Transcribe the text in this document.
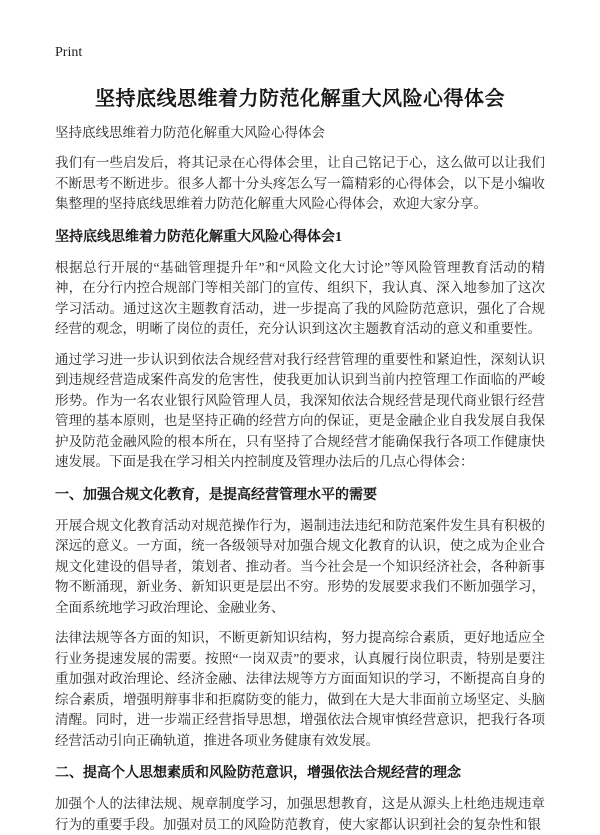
Print
坚持底线思维着力防范化解重大风险心得体会
坚持底线思维着力防范化解重大风险心得体会

我们有一些启发后，将其记录在心得体会里，让自己铭记于心，这么做可以让我们不断思考不断进步。很多人都十分头疼怎么写一篇精彩的心得体会，以下是小编收集整理的坚持底线思维着力防范化解重大风险心得体会，欢迎大家分享。

坚持底线思维着力防范化解重大风险心得体会1

根据总行开展的“基础管理提升年”和“风险文化大讨论”等风险管理教育活动的精神，在分行内控合规部门等相关部门的宣传、组织下，我认真、深入地参加了这次学习活动。通过这次主题教育活动，进一步提高了我的风险防范意识，强化了合规经营的观念，明晰了岗位的责任，充分认识到这次主题教育活动的意义和重要性。

通过学习进一步认识到依法合规经营对我行经营管理的重要性和紧迫性，深刻认识到违规经营造成案件高发的危害性，使我更加认识到当前内控管理工作面临的严峻形势。作为一名农业银行风险管理人员，我深知依法合规经营是现代商业银行经营管理的基本原则，也是坚持正确的经营方向的保证，更是金融企业自我发展自我保护及防范金融风险的根本所在，只有坚持了合规经营才能确保我行各项工作健康快速发展。下面是我在学习相关内控制度及管理办法后的几点心得体会：

一、加强合规文化教育，是提高经营管理水平的需要

开展合规文化教育活动对规范操作行为，遏制违法违纪和防范案件发生具有积极的深远的意义。一方面，统一各级领导对加强合规文化教育的认识，使之成为企业合规文化建设的倡导者，策划者、推动者。当今社会是一个知识经济社会，各种新事物不断涌现，新业务、新知识更是层出不穷。形势的发展要求我们不断加强学习，全面系统地学习政治理论、金融业务、

法律法规等各方面的知识，不断更新知识结构，努力提高综合素质，更好地适应全行业务提速发展的需要。按照“一岗双责”的要求，认真履行岗位职责，特别是要注重加强对政治理论、经济金融、法律法规等方方面面知识的学习，不断提高自身的综合素质，增强明辩事非和拒腐防变的能力，做到在大是大非面前立场坚定、头脑清醒。同时，进一步端正经营指导思想，增强依法合规审慎经营意识，把我行各项经营活动引向正确轨道，推进各项业务健康有效发展。

二、提高个人思想素质和风险防范意识，增强依法合规经营的理念

加强个人的法律法规、规章制度学习，加强思想教育，这是从源头上杜绝违规违章行为的重要手段。加强对员工的风险防范教育，使大家都认识到社会的复杂性和银
